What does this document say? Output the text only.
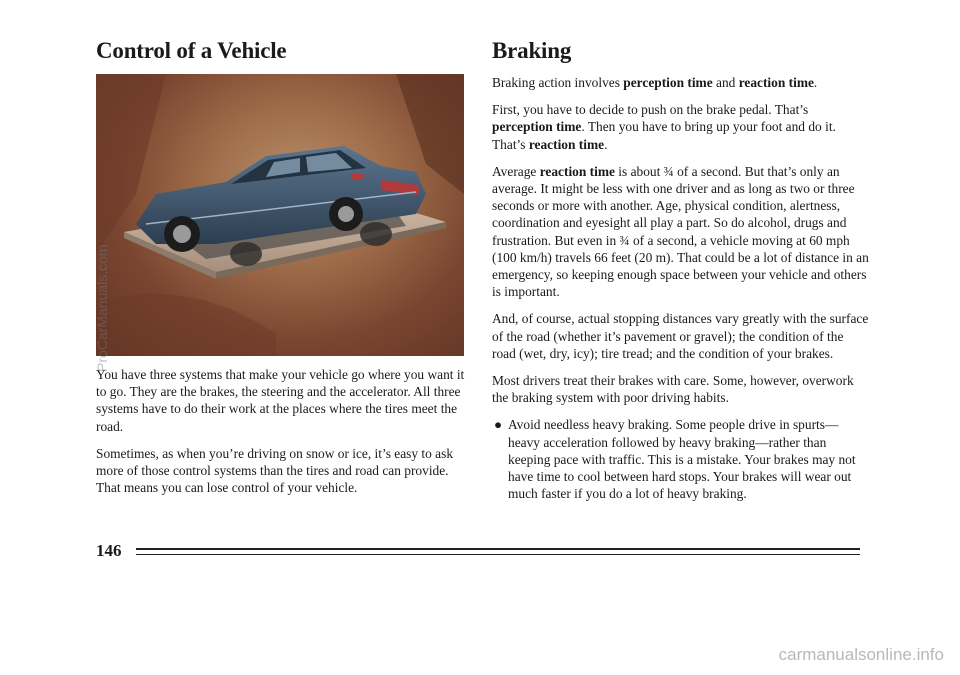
Control of a Vehicle

You have three systems that make your vehicle go where you want it to go. They are the brakes, the steering and the accelerator. All three systems have to do their work at the places where the tires meet the road.

Sometimes, as when you’re driving on snow or ice, it’s easy to ask more of those control systems than the tires and road can provide. That means you can lose control of your vehicle.

Braking

Braking action involves perception time and reaction time.

First, you have to decide to push on the brake pedal. That’s perception time. Then you have to bring up your foot and do it. That’s reaction time.

Average reaction time is about ¾ of a second. But that’s only an average. It might be less with one driver and as long as two or three seconds or more with another. Age, physical condition, alertness, coordination and eyesight all play a part. So do alcohol, drugs and frustration. But even in ¾ of a second, a vehicle moving at 60 mph (100 km/h) travels 66 feet (20 m). That could be a lot of distance in an emergency, so keeping enough space between your vehicle and others is important.

And, of course, actual stopping distances vary greatly with the surface of the road (whether it’s pavement or gravel); the condition of the road (wet, dry, icy); tire tread; and the condition of your brakes.

Most drivers treat their brakes with care. Some, however, overwork the braking system with poor driving habits.

● Avoid needless heavy braking. Some people drive in spurts—heavy acceleration followed by heavy braking—rather than keeping pace with traffic. This is a mistake. Your brakes may not have time to cool between hard stops. Your brakes will wear out much faster if you do a lot of heavy braking.
146
ProCarManuals.com
carmanualsonline.info
